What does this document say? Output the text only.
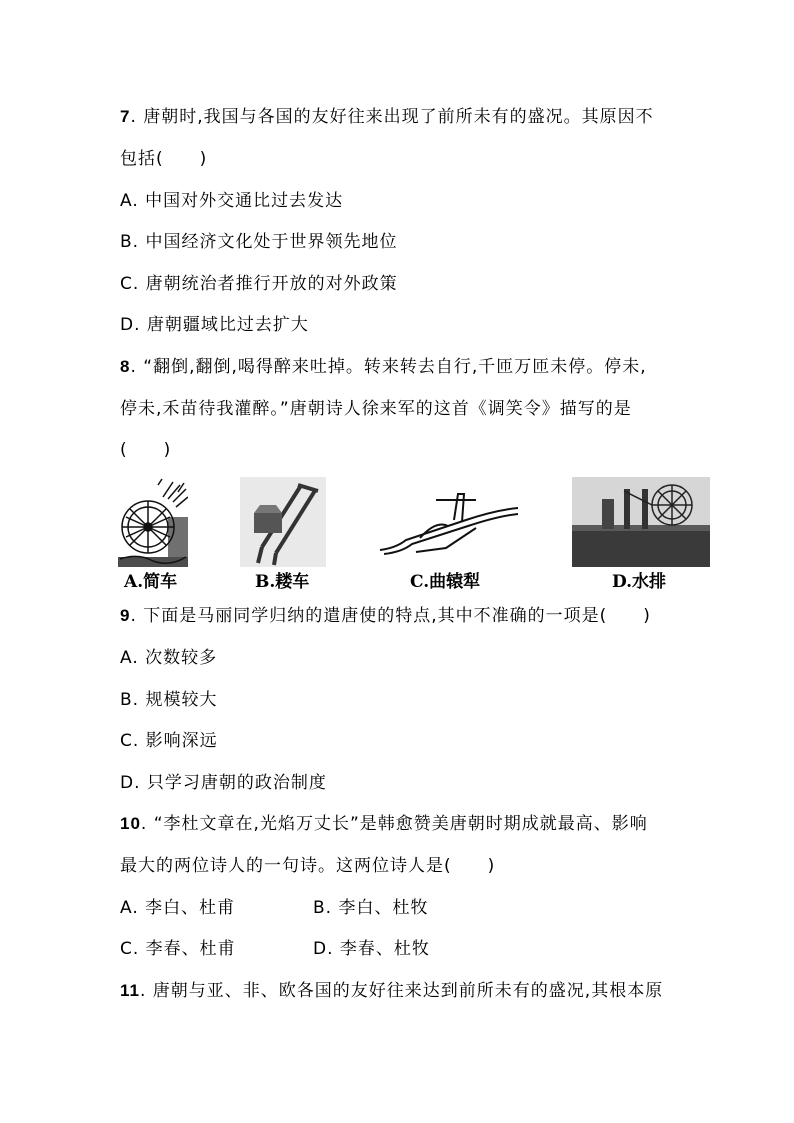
7. 唐朝时,我国与各国的友好往来出现了前所未有的盛况。其原因不
包括(　　)
A. 中国对外交通比过去发达
B. 中国经济文化处于世界领先地位
C. 唐朝统治者推行开放的对外政策
D. 唐朝疆域比过去扩大
8. “翻倒,翻倒,喝得醉来吐掉。转来转去自行,千匝万匝未停。停未,
停未,禾苗待我灌醉。”唐朝诗人徐来军的这首《调笑令》描写的是
(　　)
A.简车	B.耧车	C.曲辕犁	D.水排
9. 下面是马丽同学归纳的遣唐使的特点,其中不准确的一项是(　　)
A. 次数较多
B. 规模较大
C. 影响深远
D. 只学习唐朝的政治制度
10. “李杜文章在,光焰万丈长”是韩愈赞美唐朝时期成就最高、影响
最大的两位诗人的一句诗。这两位诗人是(　　)
A. 李白、杜甫	B. 李白、杜牧
C. 李春、杜甫	D. 李春、杜牧
11. 唐朝与亚、非、欧各国的友好往来达到前所未有的盛况,其根本原
